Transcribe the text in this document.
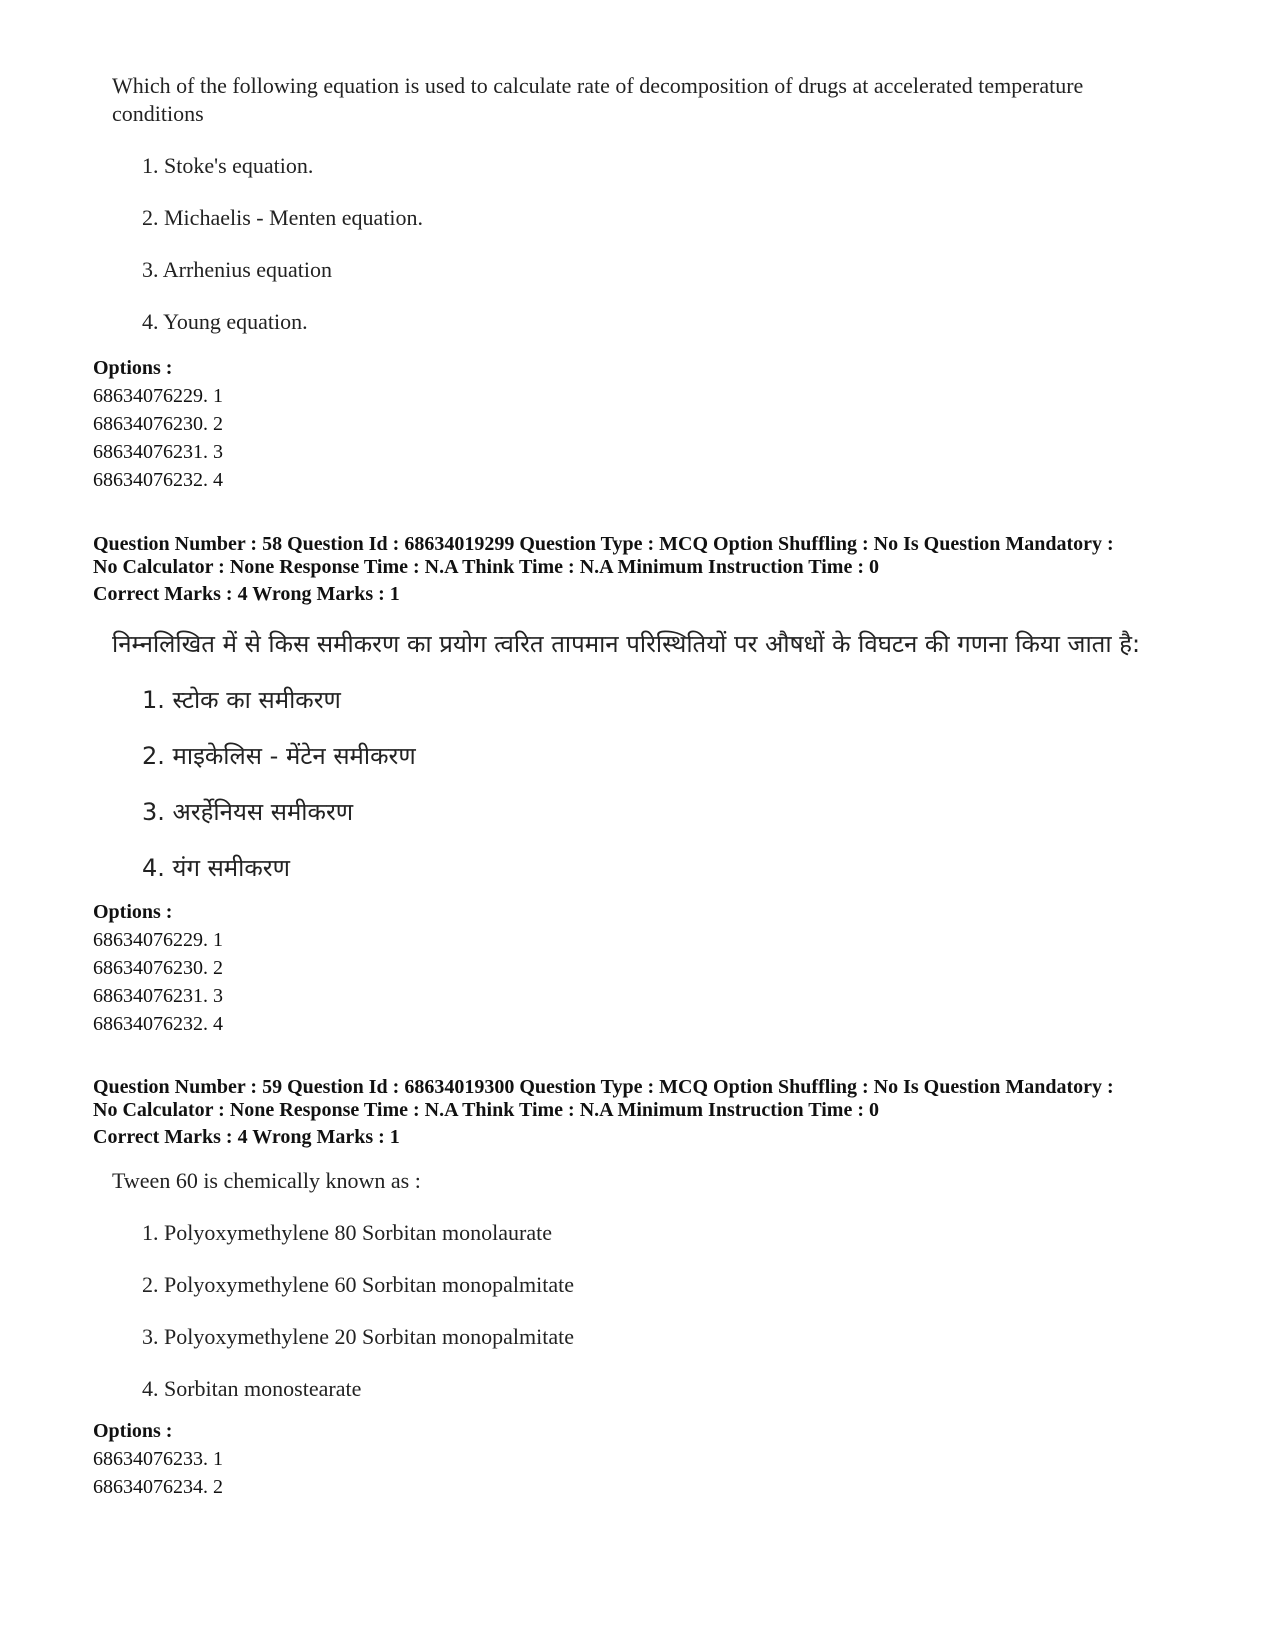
Which of the following equation is used to calculate rate of decomposition of drugs at accelerated temperature conditions
1. Stoke's equation.
2. Michaelis - Menten equation.
3. Arrhenius equation
4. Young equation.
Options :
68634076229. 1
68634076230. 2
68634076231. 3
68634076232. 4
Question Number : 58 Question Id : 68634019299 Question Type : MCQ Option Shuffling : No Is Question Mandatory :
No Calculator : None Response Time : N.A Think Time : N.A Minimum Instruction Time : 0
Correct Marks : 4 Wrong Marks : 1
निम्नलिखित में से किस समीकरण का प्रयोग त्वरित तापमान परिस्थितियों पर औषधों के विघटन की गणना किया जाता है:
1. स्टोक का समीकरण
2. माइकेलिस - मेंटेन समीकरण
3. अरर्हेनियस समीकरण
4. यंग समीकरण
Options :
68634076229. 1
68634076230. 2
68634076231. 3
68634076232. 4
Question Number : 59 Question Id : 68634019300 Question Type : MCQ Option Shuffling : No Is Question Mandatory :
No Calculator : None Response Time : N.A Think Time : N.A Minimum Instruction Time : 0
Correct Marks : 4 Wrong Marks : 1
Tween 60 is chemically known as :
1. Polyoxymethylene 80 Sorbitan monolaurate
2. Polyoxymethylene 60 Sorbitan monopalmitate
3. Polyoxymethylene 20 Sorbitan monopalmitate
4. Sorbitan monostearate
Options :
68634076233. 1
68634076234. 2
